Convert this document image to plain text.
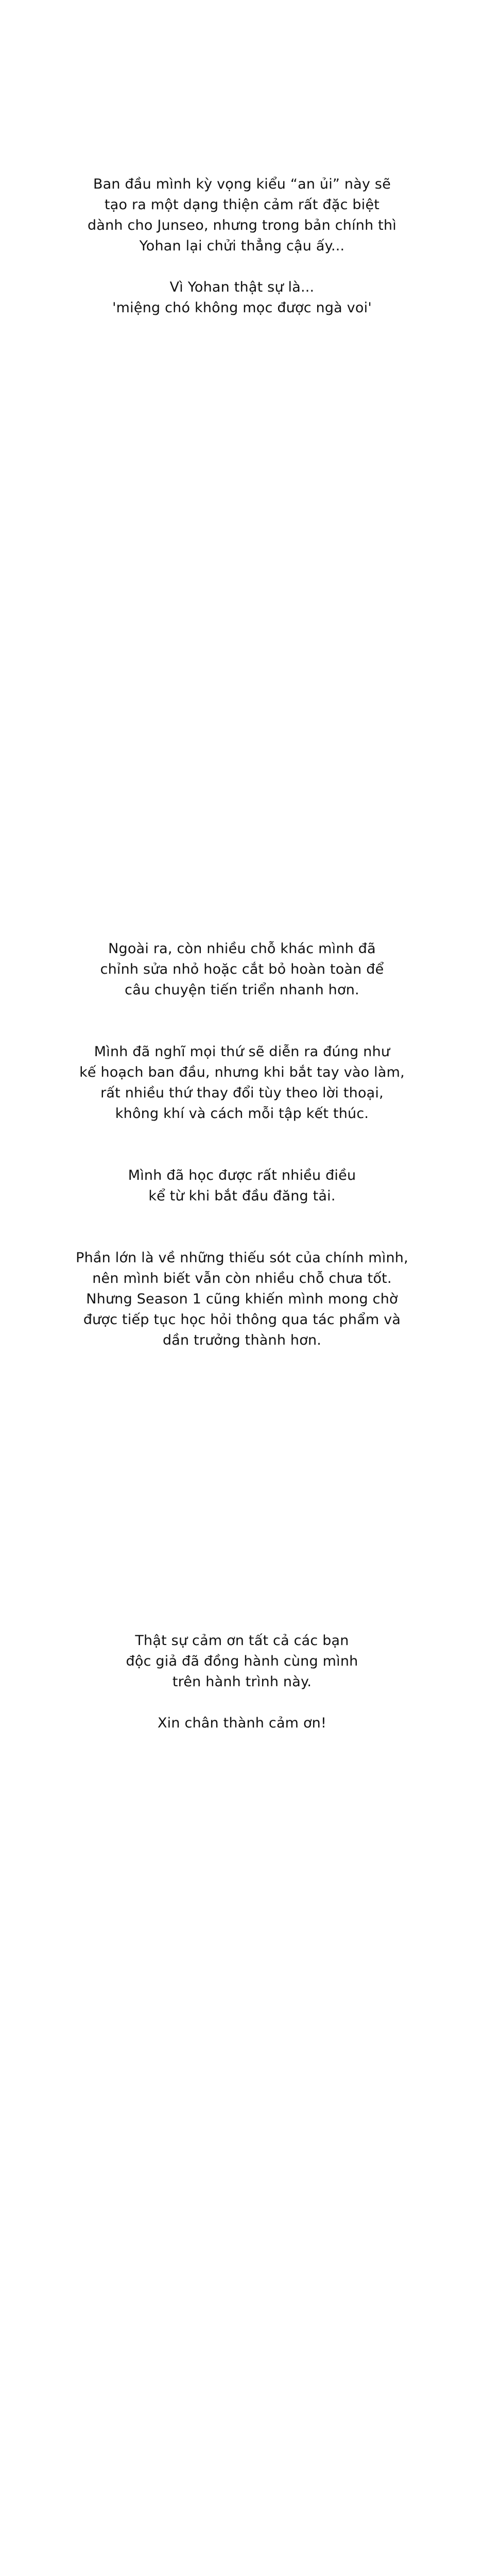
Ban đầu mình kỳ vọng kiểu “an ủi” này sẽ
tạo ra một dạng thiện cảm rất đặc biệt
dành cho Junseo, nhưng trong bản chính thì
Yohan lại chửi thẳng cậu ấy...

Vì Yohan thật sự là...
'miệng chó không mọc được ngà voi'

Ngoài ra, còn nhiều chỗ khác mình đã
chỉnh sửa nhỏ hoặc cắt bỏ hoàn toàn để
câu chuyện tiến triển nhanh hơn.

Mình đã nghĩ mọi thứ sẽ diễn ra đúng như
kế hoạch ban đầu, nhưng khi bắt tay vào làm,
rất nhiều thứ thay đổi tùy theo lời thoại,
không khí và cách mỗi tập kết thúc.

Mình đã học được rất nhiều điều
kể từ khi bắt đầu đăng tải.

Phần lớn là về những thiếu sót của chính mình,
nên mình biết vẫn còn nhiều chỗ chưa tốt.
Nhưng Season 1 cũng khiến mình mong chờ
được tiếp tục học hỏi thông qua tác phẩm và
dần trưởng thành hơn.

Thật sự cảm ơn tất cả các bạn
độc giả đã đồng hành cùng mình
trên hành trình này.

Xin chân thành cảm ơn!
